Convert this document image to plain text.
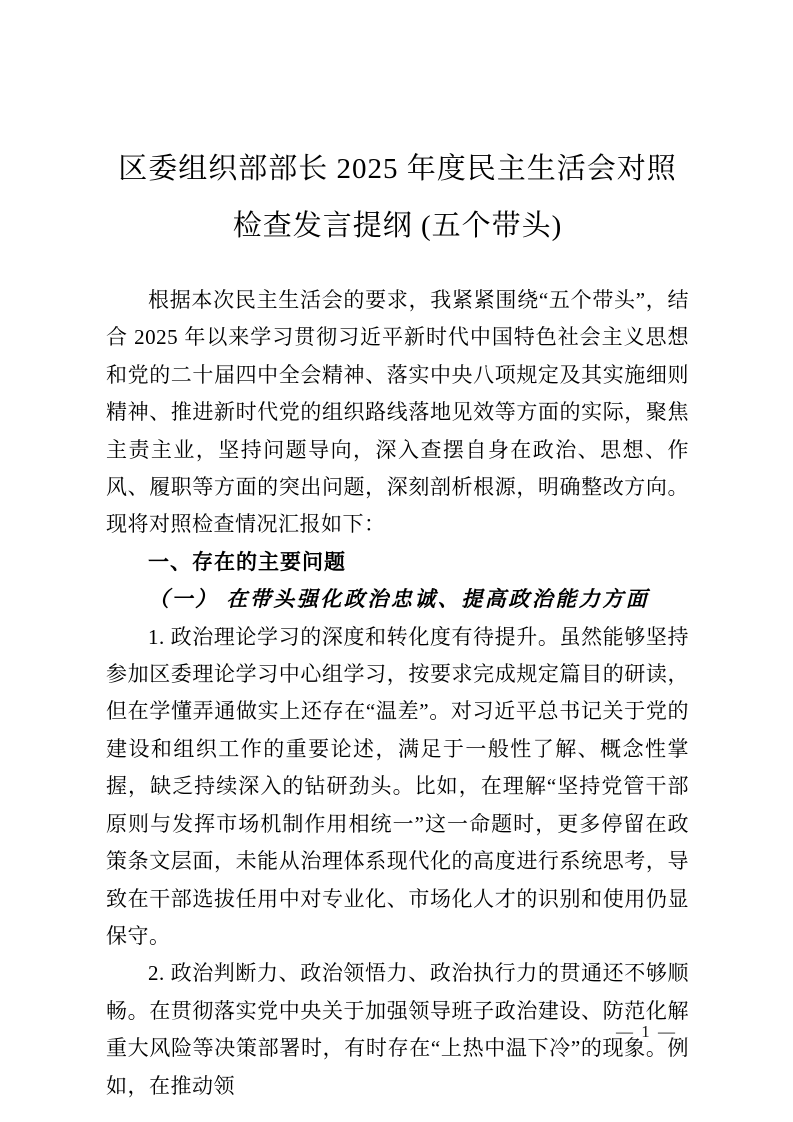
区委组织部部长 2025 年度民主生活会对照检查发言提纲 (五个带头)

根据本次民主生活会的要求，我紧紧围绕“五个带头”，结合 2025 年以来学习贯彻习近平新时代中国特色社会主义思想和党的二十届四中全会精神、落实中央八项规定及其实施细则精神、推进新时代党的组织路线落地见效等方面的实际，聚焦主责主业，坚持问题导向，深入查摆自身在政治、思想、作风、履职等方面的突出问题，深刻剖析根源，明确整改方向。现将对照检查情况汇报如下：

一、存在的主要问题
（一） 在带头强化政治忠诚、提高政治能力方面

1. 政治理论学习的深度和转化度有待提升。虽然能够坚持参加区委理论学习中心组学习，按要求完成规定篇目的研读，但在学懂弄通做实上还存在“温差”。对习近平总书记关于党的建设和组织工作的重要论述，满足于一般性了解、概念性掌握，缺乏持续深入的钻研劲头。比如，在理解“坚持党管干部原则与发挥市场机制作用相统一”这一命题时，更多停留在政策条文层面，未能从治理体系现代化的高度进行系统思考，导致在干部选拔任用中对专业化、市场化人才的识别和使用仍显保守。

2. 政治判断力、政治领悟力、政治执行力的贯通还不够顺畅。在贯彻落实党中央关于加强领导班子政治建设、防范化解重大风险等决策部署时，有时存在“上热中温下冷”的现象。例如，在推动领

— 1 —
